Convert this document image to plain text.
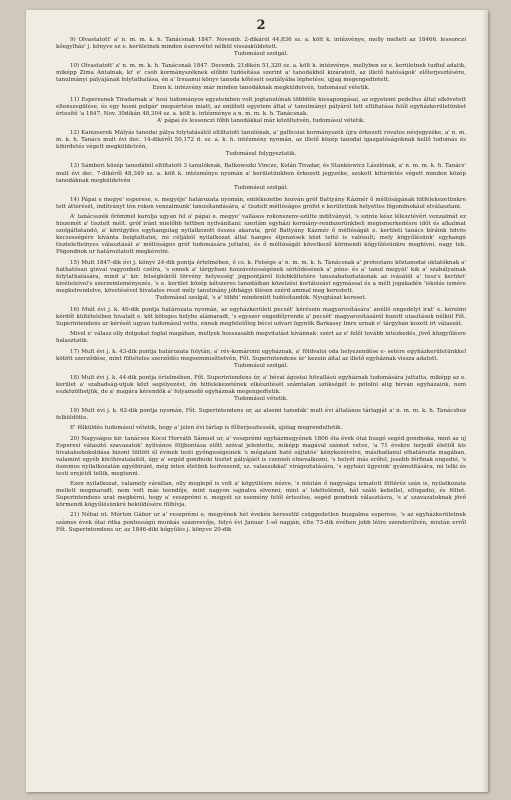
2

9) Olvastatott' a' n. m. m. k. h. Tanácsnak 1847. Novemb. 2-dikáról 44,836 sz. a. költ k. intézvénye, melly mellett az 18466. lessonczi kőegylház' j. könyve ez e. kerületnek minden észrevétel nélkül visszaküldetett.

Tudomásul szolgál.

10) Olvastatott' a' n. m. m. k. h. Tanácsnak 1847. Decemb. 21dikén 51,320 sz. a. költ k. intézvénye, mellyben ez e. kerületnek tudtul adatik, miképp Zima Antalnak, ki' e' csoh kormányszéknek előbbi tudósítása szerint a' tanodákból kizáratott, az illető hatóságok' előterjesztésére, tanulmányi pályájának folytathatása, én a' Irsuanui könyv tanoda kőtéseit osztályába léphetése, ujjag megengedtetett.

Ezen k. intézvény már minden tanodáknak megküldetvén, tudomásul vétetik.

11) Esperesnek Tiradarnak a' hosi tudományos egyetemben volt jogtanulónak többféle kiesapongásai, az egyetemi pedellus által elkövetett ellenszegülése, és egy hosni polgár' megsértése miatt, az említett egyetem által a' tanulmányi pályáról lett eltiltatása felől egyházkerületünket értesítő 'a 1847. Nov. 30dikán 48,304 sz. a. költ k. intézménye a n. m. m. k. h. Tanácsnak.

A' pápai és lessonczi főbb tanodákkal már közöltetvén, tudomásul vétetik.

12) Kanizserek Mályás tanodai pálya folytatásától eltiltatott tanulónak, a' gallicsiai kormányszék újra érkezett rovatos névjegyzéke, a' n. m. m. k. h. Tanács mult évi dec. 14-dikéről 50,172 d. sz. a. k. h. intézmény nyomán, az illető közép tanodai igazgatóságoknak kellő tudomás és kihirdetés végett megküldetvén,

Tudomásul folygyeztatik.

13) Sámberi közép tanodából eltiltatott 3 tanulóknak, Batkowszki Vincze, Kolán Tivadar, és Stankiewicz Lászlónak, a' n. m. m. k. h. Tanács' mult évi dec. 7-dikéről 48,349 sz. a. költ k. intézménye nyomán a' kerületünkben érkezett jegyzéke, szokott kihirdetés végett minden közép tanodáknak megküldetvén

Tudomásul szolgál.

14) Pápai e megye' esperese, e. megyéje' határozata nyomán, emlékezetbe hozván gróf Battyány Kázmér ő méltóságának hitfelekezetünkre tett áttérését, indítványt tón rokon venzalmunk' tanusítandására, a' tisztelt méltóságos grófot e kerületünk helyettes fögondnokául elválasztani.

A' tanácsszék őrömmel karolja ugyan fel a' pápai e. megye' vallásos rokonszenv-szülte indítványát, 's szinte kész lélesztévéri venzalmát ez hiszemét a' tisztelt mélt. gróf iránt mielőbb tettben nyilvánítani: szerlám egyházi kormány-rendszerünkbeli megismerkedésre időt és alkalmat szolgáltatandó, a' körügyiles egyhangulag nyilatkozott összes akarata, gróf Battyány Kázmér ő méltóságát e. kerületi tanács bíráink üdvös kecsességére kívánta beigtattatni, mi céljából nyilatkozat által hangos éljenzések közt tetté is valósult; mely kögyűlésünk' egyhangú tisztelettelnyes választását a' méltóságos gróf tudomására juttatni, és ő méltóságát következő körmendi kőgyűlésünkre meghívni, nagy tek. Fögondnok ur határoztatott megkéretni.

15) Mult 1847-dik évi j. könyv 24-dik pontja értelmében, ő cs. k. Felsége a' n. m. m. k. h. Tanácsnak a' protestans köztanodai oktatóknak a' hathatósan ginvai vagyonbeli czélra, 's ennek a' tárgybani hozzávetességének sértődésének a' pénz- és a' tanul megyát' kik a' szabályainak folytathatására, mind a' kir. felséglekről törvény helyesség' jogpontjáról folebkültetére tanszabatoztatásnak az ivásától a' tesz's kerület' kivételeivel's szerzemleményezés, 's e. kerület közép kétszeres tanodáiban közelzési korlátozást egymással és a mélt jogakadén 'iskolás ismére megkelrendelve, követésével hivatalos részt mély tanulmány jóbbágyi ülésen ezérd ammal meg kerestett.

Tudomásul szolgál, 's a' többi' mindenütt tudósítandók. Nyugtázat kereset.

16) Mult évi j. k. 40-dik pontja határozata nyomán, az egyházkerületi pecsét' kérésein magyarosítására' anélló engedélyt irat' e. kérelmi kérdőt kültételében hivatalt e. köt köteges helybe alámaradt, 's egyszer engedélyrende a' pecsét' magyarosításáról hozott utasítások nélkül Főt. Superintendens ur kérését ugyan tudomásul vette, ennek megfelelőleg bécsi udvari ügynök Barkassy Imre urnak e' tárgyban kozott irt válaszát.

Mivel e' válasz olly dolgokat foglal magában, mellyek hosszasabb megvitatást kívánnak: szért az e' felől tovább intézkedés, jövő közgyűlésre halasztatik.

17) Mult évi j. k. 43-dik pontja határozata folytán, a' rév-komáromi egyháznak, a' földvaloi oda helyezendése e- setére egyházkerületünkkel kötött szerződése, mint föltételes szerződés megsemmisíttetvén, Főt. Superintendens úr' kezein által az illető egyháznak vissza adatott.

Tudomásul szolgál.

18) Mult évi j. k. 44-dik pontja értelmében, Főt. Superintendens úr, a' bévai ágostai hitvallású egyháznak tudomására juttatta, miképp az e. kerület a' szabadság-utjuk közt segélyezést, ön hitfelekezetének elkészítését számtalan szükségét is pótolni alig bírván egyházaink, nem eszközölhetjük, de a' magára kérendők a' folyamodó egyháznak megengedtetik.

Tudomásul vétetik.

19) Mult évi j. k. 62-dik pontja nyomán, Főt. Superintendens ur, az alsemi tanodák' mult évi általános tárlapját a' n. m. m. k. h. Tanácshoz felküldötte.

E' főlküldés tudomásul vétetik, hogy a' jelen évi tárlap is főlterjesztessék, ujolag megrendeltetik.

20) Nagyságos kir. tanácsos Kocsi Horváth Sámuel ur, a' veszprémi egyházmegyének 1806 óta évek ótai buzgó segéd gondnoka, mint az uj Esperesi választó szavazatok' nyilvános följbontása előtt szóval jelentette, miképp magával számot vetve, 'a 71 évekre terjedő élettől kis hivatalosbokoldása bizont töltött él évinek testi győngeségeinek 's mégatani ható sújtatós' kénykezérelve, másihatlanul elhatározta magában, valamint egyéb köcihivatalaitól, úgy a' segéd gondnoki tisztet pályájáét is czennói elnevalkozni, 's helyét más erőfel, jesebb férfinak engedni, 's öszemos nyilatkozatán egyébiránt, még inten életünk kedvesend, sz. valaszokkal' virágoztatására, 's egyházi ügyeink' gyámolitására, mi lelki és testi erejétől tellik, megtenni.

Ezen nyilatkozat, valamely váratlan, olly meglepő is volt a' kögyülésre nézve, 's miután ő nagysága izmatott föltéréz szán is, nyilatkozata mellett megmaradt, nem volt más teendője, mint nagyon sajnalva elvenni, mint a' lekötelémét, hát száló kebellel, elfogadni, és föltet. Superintendens urat megkérni, hogy a' veszprémi e. megyét ez esemény felől értesítse, segéd gondnok választásra, 's a' szavazatoknak jövő körmendi kögyűlésünkré beküldésére fölhívja.

21) Néhai nt. Mórton Gábor ur a' veszprémi e. megyének hét évekén keresztül csüggedetlen buzgalmu esperese, 's az egyházkerületnek számos évek ótai ritka pontosságú munkás számvevője, folyó évi Januar 1-ső napján, élte 73-dik évében jobb létre szenderűlvén, miután erről Főt. Superintendens ur, az 1846-diki kőgyűlés j. könyve 20-dik
